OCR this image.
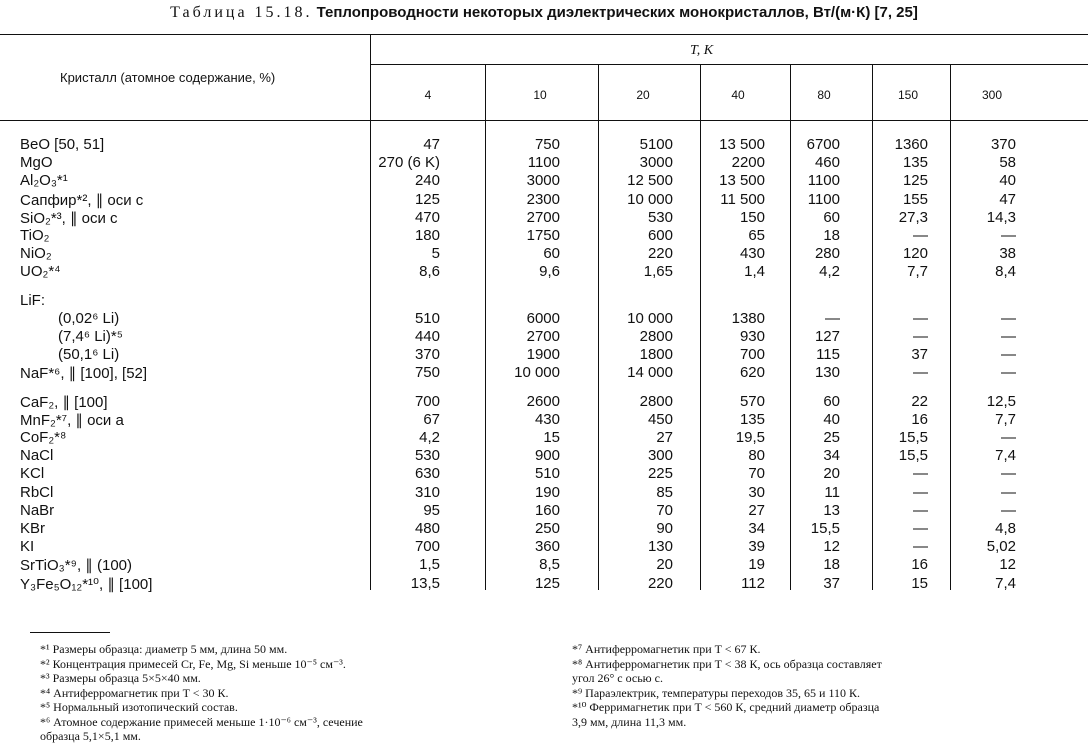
Таблица 15.18. Теплопроводности некоторых диэлектрических монокристаллов, Вт/(м·К) [7, 25]
Кристалл (атомное содержание, %)
T, К
4	10	20	40	80	150	300
BeO [50, 51]	47	750	5100	13 500	6700	1360	370
MgO	270 (6 K)	1100	3000	2200	460	135	58
Al₂O₃*¹	240	3000	12 500	13 500	1100	125	40
Сапфир*², ∥ оси c	125	2300	10 000	11 500	1100	155	47
SiO₂*³, ∥ оси c	470	2700	530	150	60	27,3	14,3
TiO₂	180	1750	600	65	18	—	—
NiO₂	5	60	220	430	280	120	38
UO₂*⁴	8,6	9,6	1,65	1,4	4,2	7,7	8,4
LiF:
(0,02⁶ Li)	510	6000	10 000	1380	—	—	—
(7,4⁶ Li)*⁵	440	2700	2800	930	127	—	—
(50,1⁶ Li)	370	1900	1800	700	115	37	—
NaF*⁶, ∥ [100], [52]	750	10 000	14 000	620	130	—	—
CaF₂, ∥ [100]	700	2600	2800	570	60	22	12,5
MnF₂*⁷, ∥ оси a	67	430	450	135	40	16	7,7
CoF₂*⁸	4,2	15	27	19,5	25	15,5	—
NaCl	530	900	300	80	34	15,5	7,4
KCl	630	510	225	70	20	—	—
RbCl	310	190	85	30	11	—	—
NaBr	95	160	70	27	13	—	—
KBr	480	250	90	34	15,5	—	4,8
KI	700	360	130	39	12	—	5,02
SrTiO₃*⁹, ∥ (100)	1,5	8,5	20	19	18	16	12
Y₃Fe₅O₁₂*¹⁰, ∥ [100]	13,5	125	220	112	37	15	7,4
*¹ Размеры образца: диаметр 5 мм, длина 50 мм.
*² Концентрация примесей Cr, Fe, Mg, Si меньше 10⁻⁵ см⁻³.
*³ Размеры образца 5×5×40 мм.
*⁴ Антиферромагнетик при T < 30 К.
*⁵ Нормальный изотопический состав.
*⁶ Атомное содержание примесей меньше 1·10⁻⁶ см⁻³, сечение
образца 5,1×5,1 мм.
*⁷ Антиферромагнетик при T < 67 К.
*⁸ Антиферромагнетик при T < 38 К, ось образца составляет
угол 26° с осью c.
*⁹ Параэлектрик, температуры переходов 35, 65 и 110 К.
*¹⁰ Ферримагнетик при T < 560 К, средний диаметр образца
3,9 мм, длина 11,3 мм.
